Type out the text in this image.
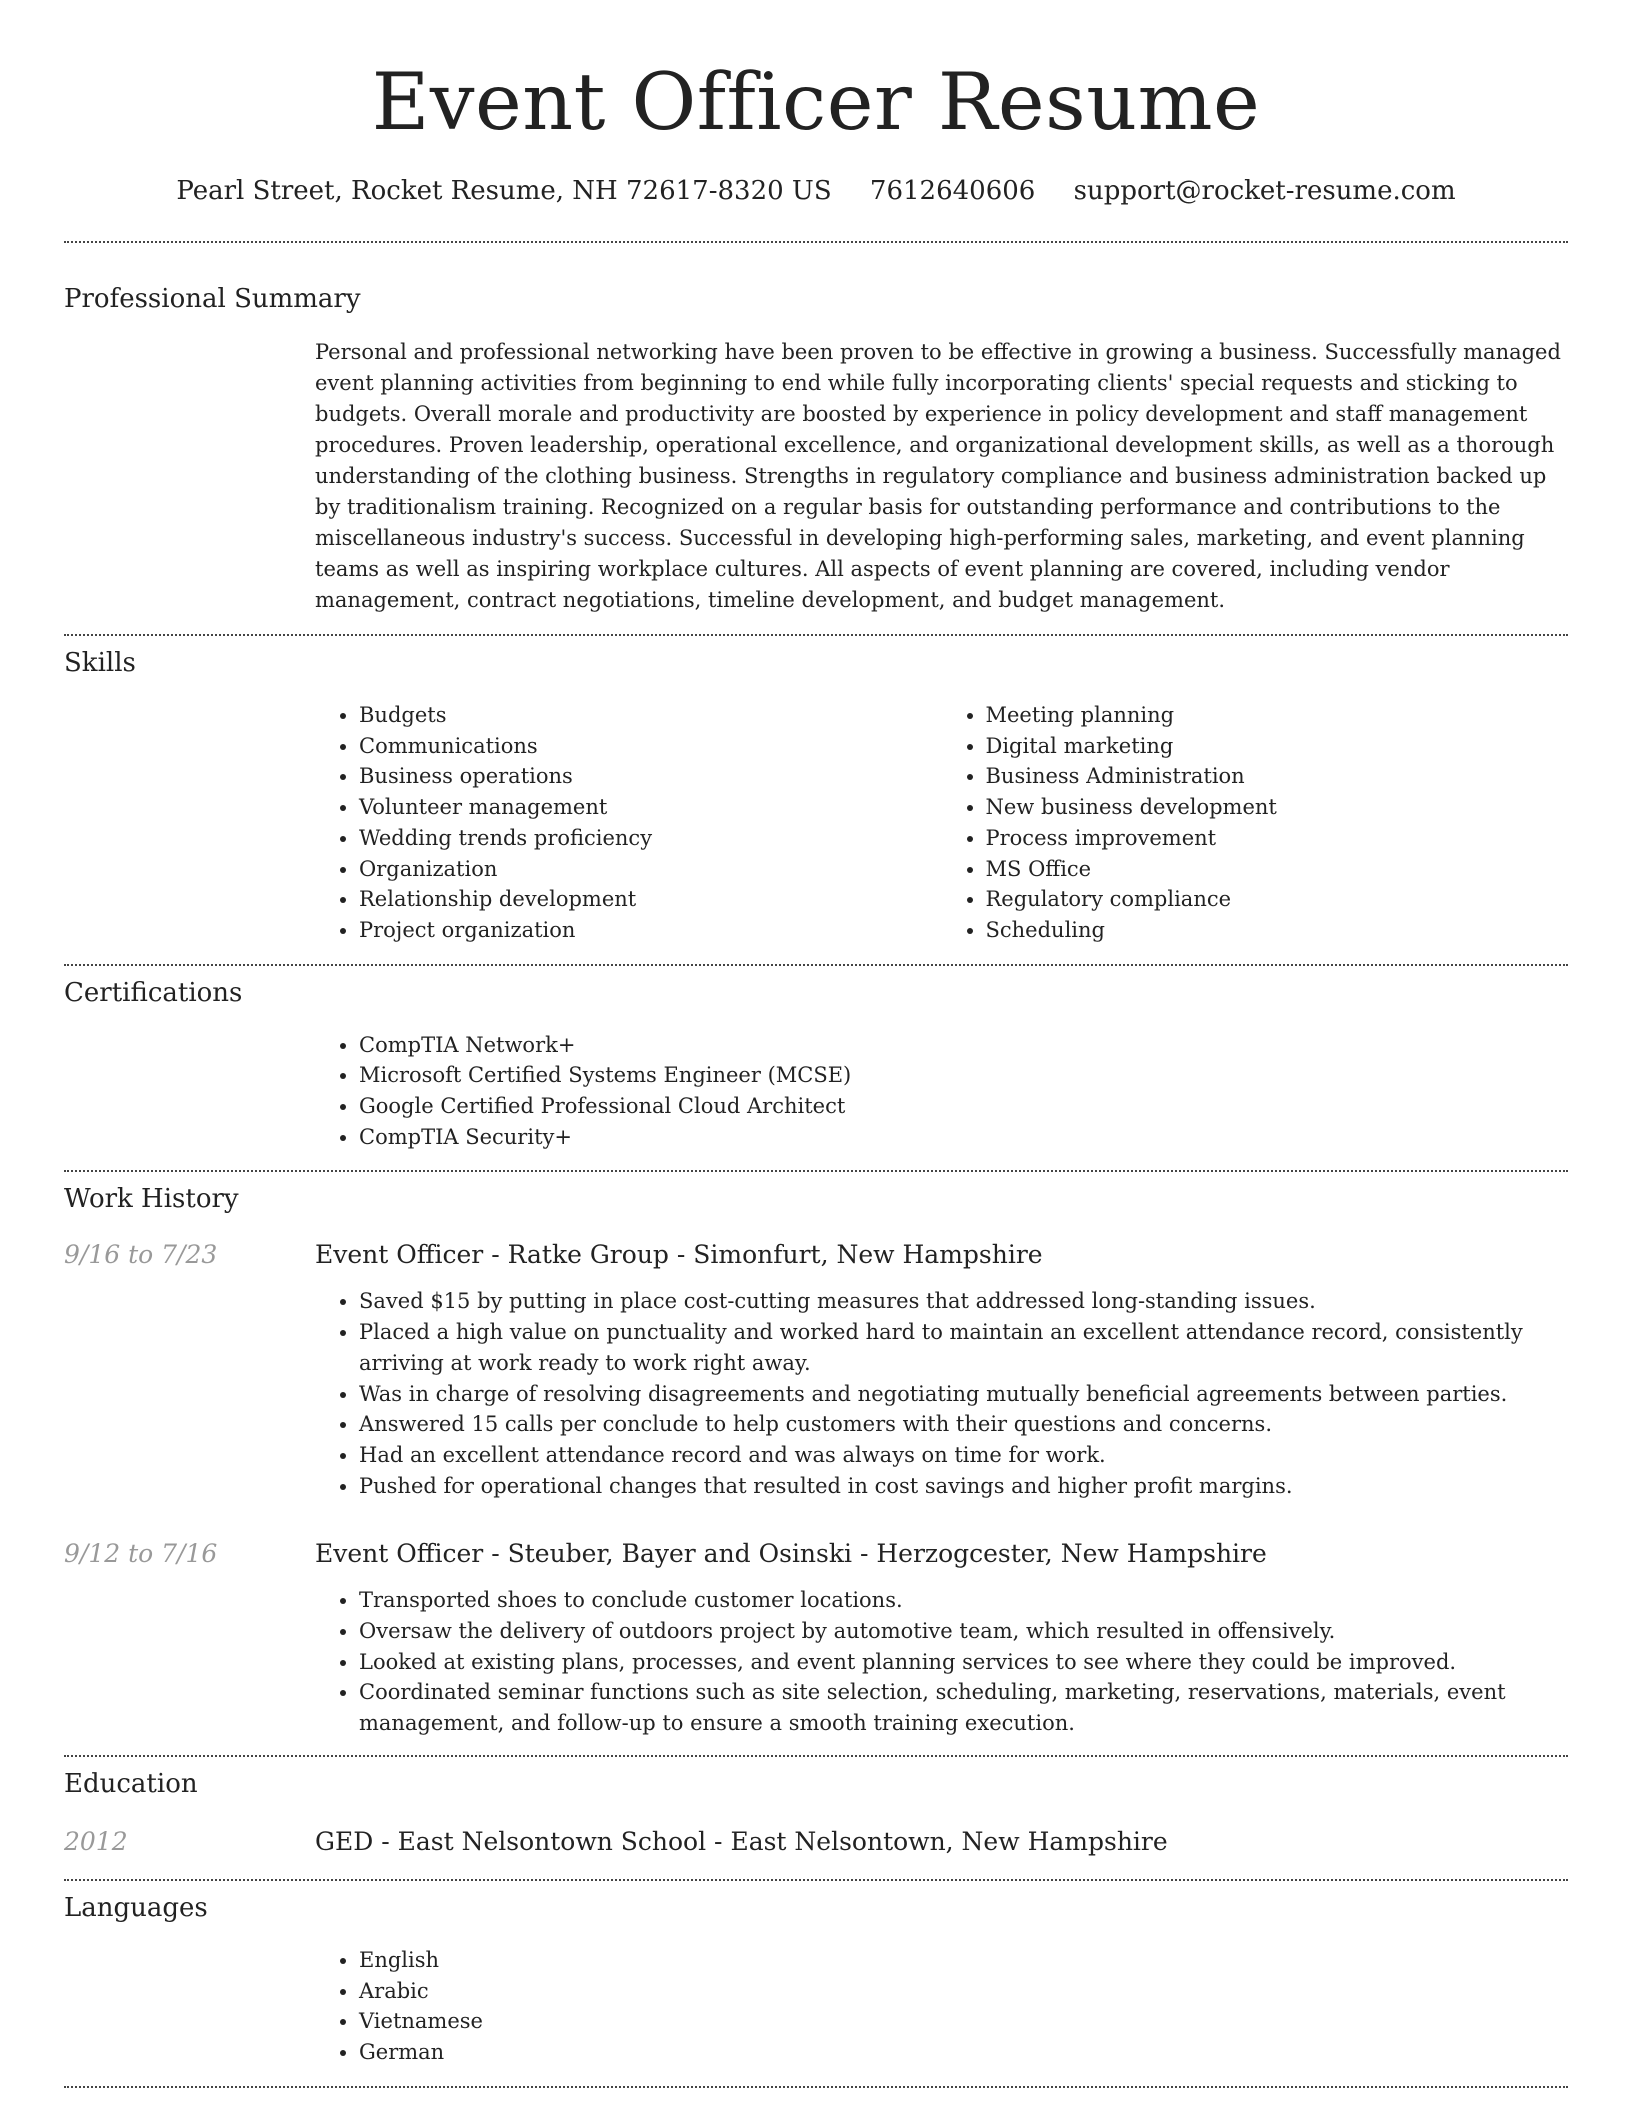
Event Officer Resume
Pearl Street, Rocket Resume, NH 72617-8320 US 7612640606 support@rocket-resume.com
Professional Summary

Personal and professional networking have been proven to be effective in growing a business. Successfully managed event planning activities from beginning to end while fully incorporating clients' special requests and sticking to budgets. Overall morale and productivity are boosted by experience in policy development and staff management procedures. Proven leadership, operational excellence, and organizational development skills, as well as a thorough understanding of the clothing business. Strengths in regulatory compliance and business administration backed up by traditionalism training. Recognized on a regular basis for outstanding performance and contributions to the miscellaneous industry's success. Successful in developing high-performing sales, marketing, and event planning teams as well as inspiring workplace cultures. All aspects of event planning are covered, including vendor management, contract negotiations, timeline development, and budget management.

Skills
• Budgets
• Communications
• Business operations
• Volunteer management
• Wedding trends proficiency
• Organization
• Relationship development
• Project organization
• Meeting planning
• Digital marketing
• Business Administration
• New business development
• Process improvement
• MS Office
• Regulatory compliance
• Scheduling
Certifications
• CompTIA Network+
• Microsoft Certified Systems Engineer (MCSE)
• Google Certified Professional Cloud Architect
• CompTIA Security+
Work History
9/16 to 7/23	Event Officer - Ratke Group - Simonfurt, New Hampshire
• Saved $15 by putting in place cost-cutting measures that addressed long-standing issues.
• Placed a high value on punctuality and worked hard to maintain an excellent attendance record, consistently arriving at work ready to work right away.
• Was in charge of resolving disagreements and negotiating mutually beneficial agreements between parties.
• Answered 15 calls per conclude to help customers with their questions and concerns.
• Had an excellent attendance record and was always on time for work.
• Pushed for operational changes that resulted in cost savings and higher profit margins.
9/12 to 7/16	Event Officer - Steuber, Bayer and Osinski - Herzogcester, New Hampshire
• Transported shoes to conclude customer locations.
• Oversaw the delivery of outdoors project by automotive team, which resulted in offensively.
• Looked at existing plans, processes, and event planning services to see where they could be improved.
• Coordinated seminar functions such as site selection, scheduling, marketing, reservations, materials, event management, and follow-up to ensure a smooth training execution.
Education
2012	GED - East Nelsontown School - East Nelsontown, New Hampshire
Languages
• English
• Arabic
• Vietnamese
• German
